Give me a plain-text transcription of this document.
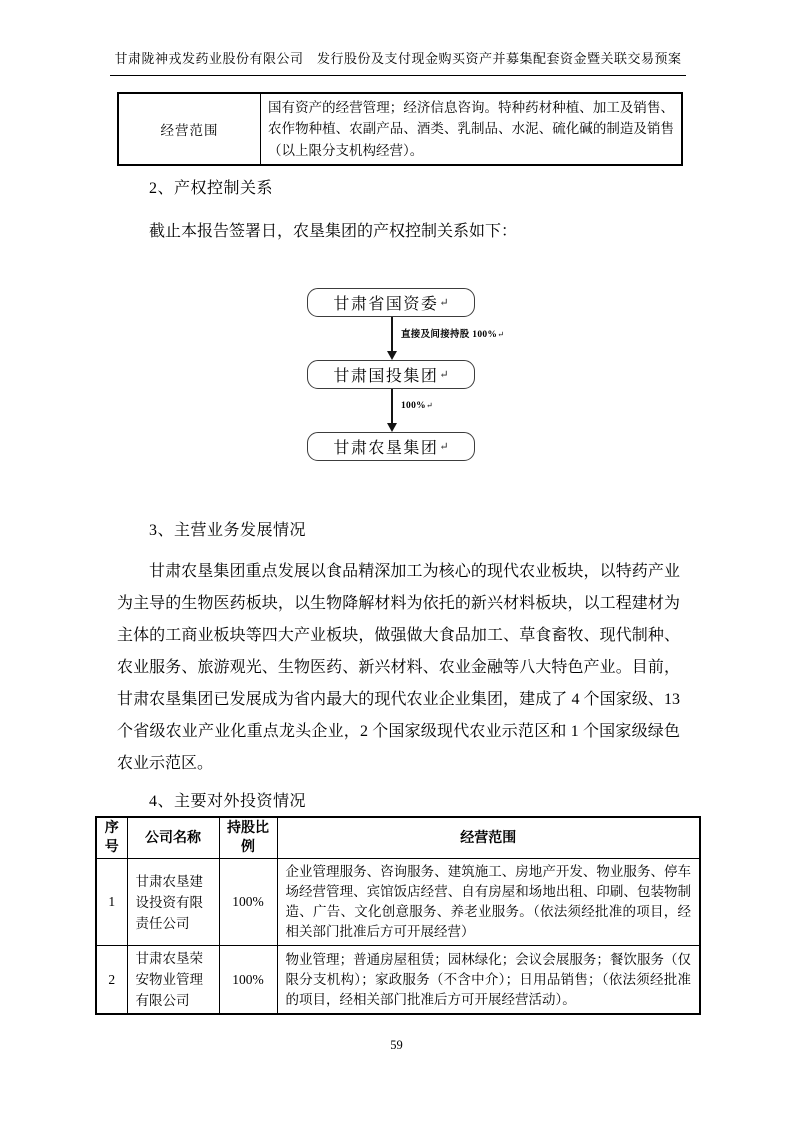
甘肃陇神戎发药业股份有限公司　发行股份及支付现金购买资产并募集配套资金暨关联交易预案
经营范围	国有资产的经营管理；经济信息咨询。特种药材种植、加工及销售、农作物种植、农副产品、酒类、乳制品、水泥、硫化碱的制造及销售（以上限分支机构经营）。
2、产权控制关系
截止本报告签署日，农垦集团的产权控制关系如下：
甘肃省国资委 ↵
直接及间接持股 100%↵
甘肃国投集团 ↵
100%↵
甘肃农垦集团 ↵
3、主营业务发展情况
甘肃农垦集团重点发展以食品精深加工为核心的现代农业板块，以特药产业为主导的生物医药板块，以生物降解材料为依托的新兴材料板块，以工程建材为主体的工商业板块等四大产业板块，做强做大食品加工、草食畜牧、现代制种、农业服务、旅游观光、生物医药、新兴材料、农业金融等八大特色产业。目前，甘肃农垦集团已发展成为省内最大的现代农业企业集团，建成了 4 个国家级、13 个省级农业产业化重点龙头企业，2 个国家级现代农业示范区和 1 个国家级绿色农业示范区。
4、主要对外投资情况
序号	公司名称	持股比例	经营范围
1	甘肃农垦建设投资有限责任公司	100%	企业管理服务、咨询服务、建筑施工、房地产开发、物业服务、停车场经营管理、宾馆饭店经营、自有房屋和场地出租、印刷、包装物制造、广告、文化创意服务、养老业服务。（依法须经批准的项目，经相关部门批准后方可开展经营）
2	甘肃农垦荣安物业管理有限公司	100%	物业管理；普通房屋租赁；园林绿化；会议会展服务；餐饮服务（仅限分支机构）；家政服务（不含中介）；日用品销售；（依法须经批准的项目，经相关部门批准后方可开展经营活动）。
59
